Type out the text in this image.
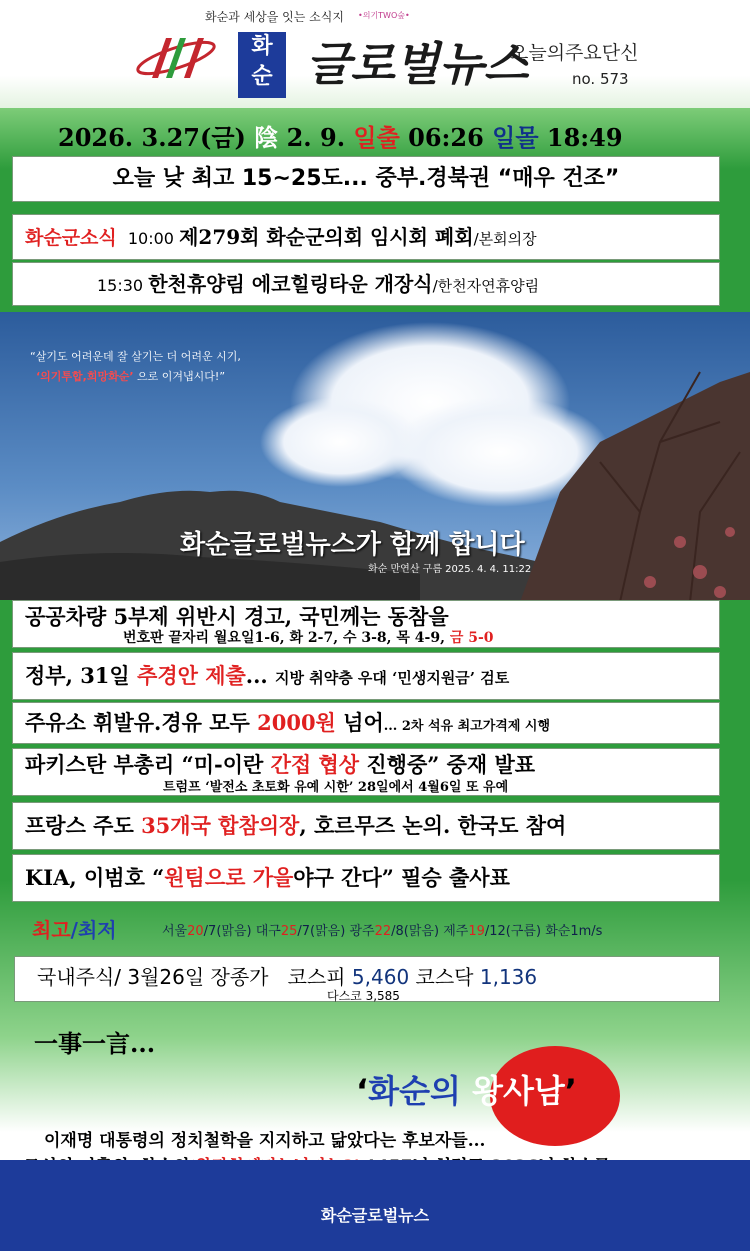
화순과 세상을 잇는 소식지 •의기TWO숲•
화
순 글로벌뉴스
오늘의주요단신
no. 573
2026. 3.27(금) 陰 2. 9. 일출 06:26 일몰 18:49
오늘 낮 최고 15~25도... 중부.경북권 “매우 건조”
화순군소식 10:00 제279회 화순군의회 임시회 폐회/본회의장
15:30 한천휴양림 에코힐링타운 개장식/한천자연휴양림
“살기도 어려운데 잘 살기는 더 어려운 시기,
‘의기투합,희망화순’ 으로 이겨냅시다!”
화순글로벌뉴스가 함께 합니다
화순 만연산 구름 2025. 4. 4. 11:22
공공차량 5부제 위반시 경고, 국민께는 동참을
번호판 끝자리 월요일1-6, 화 2-7, 수 3-8, 목 4-9, 금 5-0
정부, 31일 추경안 제출... 지방 취약층 우대 ‘민생지원금’ 검토
주유소 휘발유.경유 모두 2000원 넘어... 2차 석유 최고가격제 시행
파키스탄 부총리 “미-이란 간접 협상 진행중” 중재 발표
트럼프 ‘발전소 초토화 유예 시한’ 28일에서 4월6일 또 유예
프랑스 주도 35개국 합참의장, 호르무즈 논의. 한국도 참여
KIA, 이범호 “원팀으로 가을야구 간다” 필승 출사표
최고/최저	서울20/7(맑음) 대구25/7(맑음) 광주22/8(맑음) 제주19/12(구름) 화순1m/s
국내주식/ 3월26일 장종가 코스피 5,460 코스닥 1,136
다스코 3,585
一事一言...
‘화순의 왕사남’
이재명 대통령의 정치철학을 지지하고 닮았다는 후보자들...
화순글로벌뉴스
